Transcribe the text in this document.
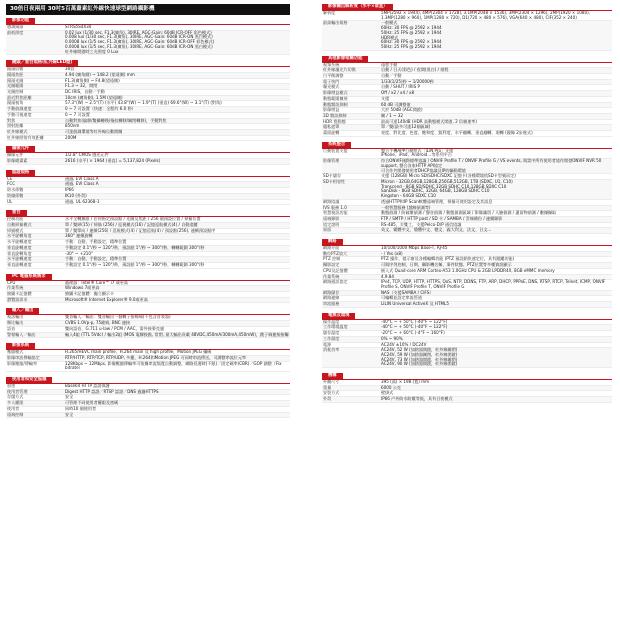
30倍日夜兩用 30吋5百萬畫素紅外線快速球型網路攝影機
影像功能
感測鏡頭	STRS5S4X30
最低照度	0.02 lux (1/30 sec, F1.3(廣角), 30IRE, AGC-Gain: 60dB ICR-OFF 彩色模式)
0.008 lux (1/30 sec, F1.3(廣角), 30IRE, AGC-Gain: 60dB ICR-ON 黑白模式)
0.0008 lux (1/5 sec, F1.3(廣角), 30IRE, AGC-Gain: 60dB ICR-OFF 彩色模式)
0.0008 lux (1/5 sec, F1.3(廣角), 30IRE, AGC-Gain: 60dB ICR-ON 黑白模式)
紅外線開啟時之光照度 0 Lux
鏡頭／雲台規格(紅外線LED燈)
鏡頭倍數	30倍
鏡頭焦距	4.94 (廣角側) ~ 148.2 (望遠側) mm
鏡頭光圈	F1.3(廣角側) ~ F4.8(望遠側)
光圈範圍	F1.3 ~ 32，開閉
光圈控制	DC IRIS，自動／手動
最近對焦距離	10cm (廣角側), 1.5M (望遠側)
鏡頭視角	57.3°(W) ~ 2.5°(T) (水平) 43.8°(W) ~ 1.9°(T) (垂直) 69.6°(W) ~ 3.1°(T) (對角)
手動偵測速度	0 ~ 7 可設置（快速：全程約 6.0 秒）
手動可視速度	0 ~ 7 可設置
對焦	自動對焦(偏移/雙攝轉換/指紋轉移/關閉轉移)，手動對焦
照射距離	850nm
紅外線模式	可達偵測環境等紅外線自動開關
紅外線照射有效距離	200M
攝像元件
攝像元件	1/2.8" CMOS 感光元件
影像總畫素	2616 (水平) × 1964 (垂直) = 5,137,824 (Pixels)
認證規格
CE	通過, EVI Class A
FCC	通過, EVI Class A
防水係數	IP66
防撞係數	IK10 (外殼)
UL	通過, UL 62368-1
雲台
控制功能	水平全轉無限 / 任何指定預設點 / 光圈及焦距 / 256 個預設位置 / 掃描位置
自動掃描模式	單 / 雙掃(15) / 掃描 (256) / 巡視模式(16) / 記憶巡航模式(4) / 自動追蹤
掃描模式	單 / 雙單向 / 連續(256) / 巡視模式(4) / 記憶巡航(4) / 預設點(256), 連續預設點序
水平旋轉角度	360° 連續旋轉
水平旋轉速度	手動：自動，手動設定，精準位置
垂直旋轉速度	手動設定 0.1°/秒 ~ 120°/秒，預設點 1°/秒 ~ 300°/秒，轉轉範圍 300°/秒
垂直旋轉角度	-30° ~ +210°
水平旋轉速度	手動：自動，手動設定，精準位置
垂直旋轉速度	手動設定 0.1°/秒 ~ 120°/秒，預設點 1°/秒 ~ 300°/秒，轉轉範圍 300°/秒
PC 電腦系統需求
CPU	處理器：Intel® Core™ i7 或更高
作業系統	Windows 7或更高
繪圖卡記憶體	繪圖卡記憶體：獨立顯示卡
瀏覽器需求	Microsoft® Internet Explorer® 9.0或更高
輸入／輸出
視訊輸出	雙音輸入／輸出：雙音輸出一個轉子接線端(不包含音效器)
類比輸出	CVBS 1.0Vp-p, 75歐姆, BNC 連接
語音	雙向語音，G.711 u-law / PCM / AAC，需外接麥克風
警報輸入／輸出	輸入4組 (TTL 5Vdc) / 輸出2組 (MOS 電驛接點, 常閉, 最大輸出負載 48VDC,450mA/300mA,450mW)，跳子端連接接觸
影像系統
壓縮模式	H.265/HEVC main profile，H.264 main 及 high profile，Motion JPEG 編碼
影像串流傳輸協定	RTP/HTTP, RTP/TCP, RTP/UDP, 多播，H.264和Motion JPEG 可同時串流傳送，可調整串流位元率
影像壓縮/傳輸率	128Kbps ~ 12Mbps, 影像壓縮傳輸率可依據串流頻寬自動調整，網路延遲時(不限)／固定碼率(CBR)／GOP 調整（Fix bitrate）
使用者和安全協議
加密	Base64 HTTP 認證保護
使用者管理	Digest HTTP 認證／RTSP 認證／DNS 過濾HTTPS
存儲方式	安全
多人權限	可管理不同使用者權限及密碼
使用者	同時10 個使用者
遠端控制	安全
影像輸出解析度（水平×垂直）
解析度	5MP(2592 × 1944), 4MP(2304 × 1728), 3.1MP(2048 × 1536), 3MP(2304 × 1296), 2MP(1920 × 1080), 1.3MP(1280 × 960), 1MP(1280 × 720), D1(720 × 480 × 576), VGA(640 × 480), CIF(352 × 240)
最高輸出規格	一般模式
60Hz: 30 FPS @ 2592 × 1944
50Hz: 25 FPS @ 2592 × 1944
HDR模式
60Hz: 30 FPS @ 2592 × 1944
50Hz: 25 FPS @ 2592 × 1944
其他影像相關功能
視頻系統	遠程手動
紅外線濾光片切換	自動 / 日天(彩色) / 夜間(黑白) / 排程
白平衡調整	自動／手動
電子快門	1/33(1/25)秒 ~ 1/20000秒
曝光模式	自動 / SHUT / IRIS P
影像增益模式	Off / x2 / x4 / x8
動態範圍擴展	支援
動態雜訊抑制	60 dB 可調整值
影像增益	大於 50dB (AGC開啟)
3D 雜訊抑制	關 / 1 ~ 32
HDR 寬動態	最高可達140dB (HDR 高動態模式開啟, 2 倍幀速率)
隱私遮罩	單／雙(最多可達12個區域)
畫面旋轉	亮度、對比度、色度、飽和度、銳利度、水平翻轉、垂直翻轉、迴轉 (鏡像 2步進式)
系統整合
行動裝置支援	整合手機APP行動程式「iLiN Pro」支援
iPhone、iPad、Android…等系列平台
影像管理	符合ONVIF國際標準協議 / ONVIF Profile T / ONVIF Profile G / VS events, 與當中所有使用者協作開發ONVIF NVR 50 support, 整合各家HTTP API協定
可合作共開發使用者DHCP協議及IP的驅動環境
SD卡儲存	支援 (128GB) Micro SD/SDHC/SDXC 記憶卡(各種環境依SD卡型號而定)
SD卡相容性	Micron - 32GB,64GB,128GB,256GB,512GB, 1TB (SDXC, U1, C10)
Transcend - 8GB SD/SDHC 32GB SDHC C10,128GB SDXC C10
SanDisk - 8GB SDHC, 32GB, 64GB, 128GB SDHC C10
Kingston - 64GB SDXC C10
網路協議	透過HTTP和IP Scan軟體遠端管理，掃描可使用設定及其訊息
IVS 服務 1.0	一般智慧服務 (越線偵測等)
智慧視訊功能	動態偵測 / 防破壞偵測 / 聲音偵測 / 動態偵測區域 / 影像識別 / 人臉偵測 / 遺留物偵測 / 數據擷取
遠端錄影	FTP / SMTP / HTTP post / SD 卡 / SAMBA / 雲端備份 / 連續錄影
協定說明	RS-485，半雙工，支援Pelco-D/P 通信協議
界面	英文、繁體中文、簡體中文、德文、義大利文、法文、日文…
網路
網路介面	10/100/1000 Mbps Base-T, RJ-45
數位PTZ放大	- / Yes (x8)
PTZ 控制	PTZ 操作、提示窗及各種編輯功能 (PTZ 預設點快速定位，具有跟蹤功能)
攝影設定	可與序列控制，日期、攝影機名稱、事件狀態、PTZ位置等多種資訊顯示
CPU及記憶體	嵌入式 Quad-core ARM Cortex-A53 1.0GHz CPU & 2GB LPDDR4X, 8GB eMMC memory
作業系統	4.9.84
網路通訊協定	IPv4, TCP, UDP, HTTP, HTTPS, QoS, NTP, DDNS, FTP, ARP, DHCP, PPPoE, DNS, RTSP, RTCP, Telnet, ICMP, ONVIF Profile S, ONVIF Profile T, ONVIF Profile G
網路儲存	NAS（支援SAMBA / CIFS）
網路連線	可編輯並設定串流管道
串流服務	LILIN Universal ActiveX 及 HTML5
電源及環境
操作溫度	-40°C ~ + 50°C (-40°F ~ 122°F)
工作環境溫度	-40°C ~ + 50°C (-40°F ~ 122°F)
儲存溫度	-20°C ~ + 60°C (-4°F ~ 160°F)
工作濕度	0% ~ 90%
電源	AC24V ±10% / DC24V
消耗功率	AC24V, 52 W (加熱器開啟，紅外線關閉)
AC24V, 59 W (加熱器關閉，紅外線開啟)
AC24V, 73 W (加熱器開啟，紅外線關閉)
AC24V, 90 W (加熱器開啟，紅外線開啟)
機構
外觀尺寸	395 (高) × 198 (寬) mm
重量	6000 公克
安裝方式	壁掛式
外殼	IP66 戶外防水防塵等級，具有日夜模式
